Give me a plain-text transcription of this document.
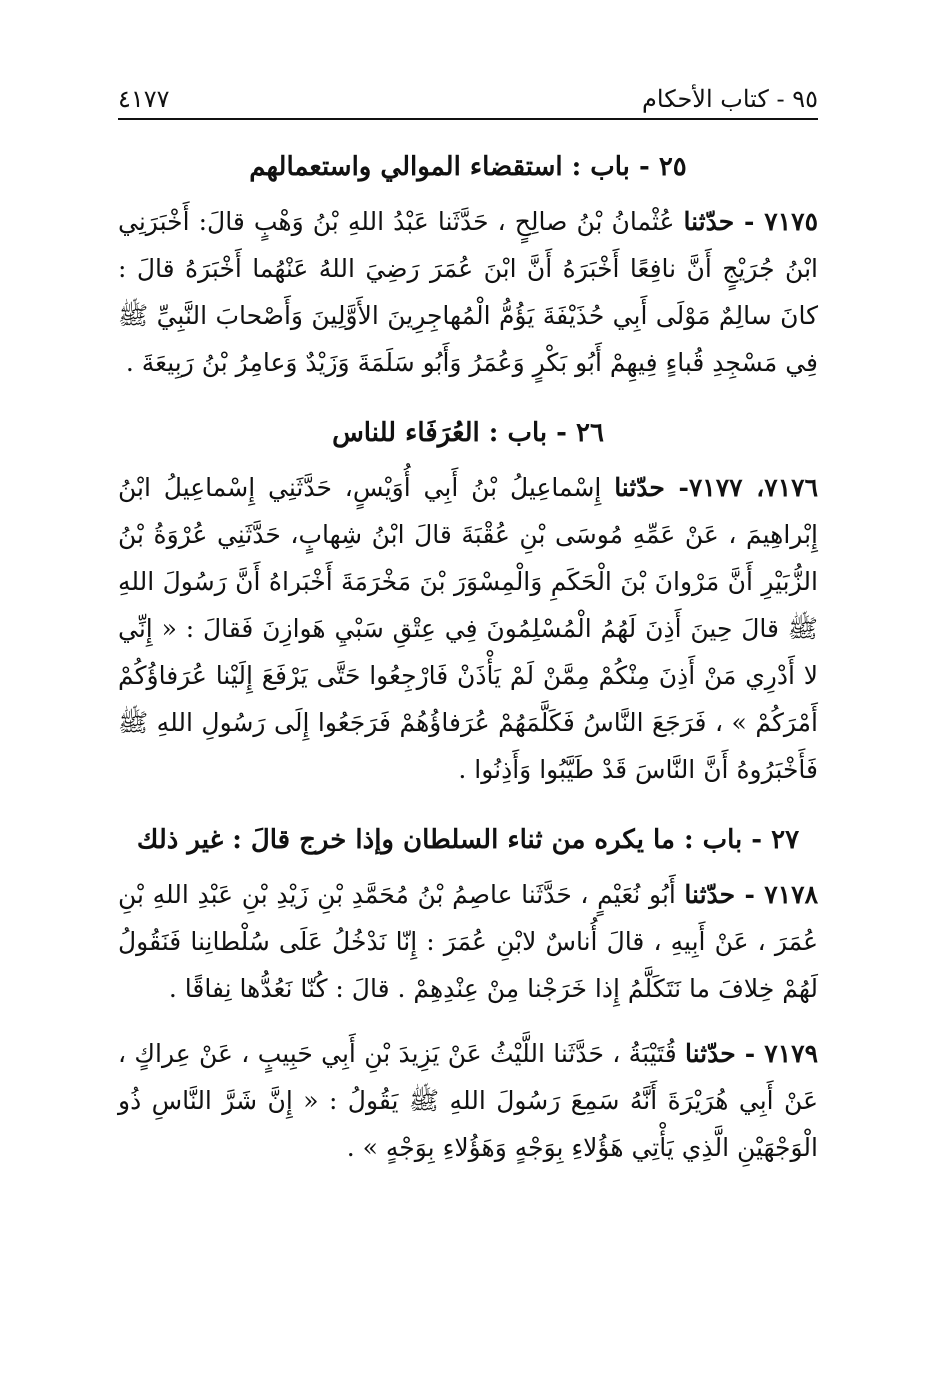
٩٥ - كتاب الأحكام
٤١٧٧
٢٥ - باب : استقضاء الموالي واستعمالهم

٧١٧٥ - حدّثنا عُثْمانُ بْنُ صالِحٍ ، حَدَّثَنا عَبْدُ اللهِ بْنُ وَهْبٍ قالَ: أَخْبَرَنِي ابْنُ جُرَيْجٍ أَنَّ نافِعًا أَخْبَرَهُ أَنَّ ابْنَ عُمَرَ رَضِيَ اللهُ عَنْهُما أَخْبَرَهُ قالَ : كانَ سالِمٌ مَوْلَى أَبِي حُذَيْفَةَ يَؤُمُّ الْمُهاجِرِينَ الأَوَّلِينَ وَأَصْحابَ النَّبِيِّ ﷺ فِي مَسْجِدِ قُباءٍ فِيهِمْ أَبُو بَكْرٍ وَعُمَرُ وَأَبُو سَلَمَةَ وَزَيْدٌ وَعامِرُ بْنُ رَبِيعَةَ .

٢٦ - باب : العُرَفَاء للناس

٧١٧٦، ٧١٧٧- حدّثنا إِسْماعِيلُ بْنُ أَبِي أُوَيْسٍ، حَدَّثَنِي إِسْماعِيلُ ابْنُ إِبْراهِيمَ ، عَنْ عَمِّهِ مُوسَى بْنِ عُقْبَةَ قالَ ابْنُ شِهابٍ، حَدَّثَنِي عُرْوَةُ بْنُ الزُّبَيْرِ أَنَّ مَرْوانَ بْنَ الْحَكَمِ وَالْمِسْوَرَ بْنَ مَخْرَمَةَ أَخْبَراهُ أَنَّ رَسُولَ اللهِ ﷺ قالَ حِينَ أَذِنَ لَهُمُ الْمُسْلِمُونَ فِي عِتْقِ سَبْيِ هَوازِنَ فَقالَ : « إِنِّي لا أَدْرِي مَنْ أَذِنَ مِنْكُمْ مِمَّنْ لَمْ يَأْذَنْ فَارْجِعُوا حَتَّى يَرْفَعَ إِلَيْنا عُرَفاؤُكُمْ أَمْرَكُمْ » ، فَرَجَعَ النَّاسُ فَكَلَّمَهُمْ عُرَفاؤُهُمْ فَرَجَعُوا إِلَى رَسُولِ اللهِ ﷺ فَأَخْبَرُوهُ أَنَّ النَّاسَ قَدْ طَيَّبُوا وَأَذِنُوا .

٢٧ - باب : ما يكره من ثناء السلطان وإذا خرج قالَ : غير ذلك

٧١٧٨ - حدّثنا أَبُو نُعَيْمٍ ، حَدَّثَنا عاصِمُ بْنُ مُحَمَّدِ بْنِ زَيْدِ بْنِ عَبْدِ اللهِ بْنِ عُمَرَ ، عَنْ أَبِيهِ ، قالَ أُناسٌ لابْنِ عُمَرَ : إِنّا نَدْخُلُ عَلَى سُلْطانِنا فَنَقُولُ لَهُمْ خِلافَ ما نَتَكَلَّمُ إِذا خَرَجْنا مِنْ عِنْدِهِمْ . قالَ : كُنّا نَعُدُّها نِفاقًا .

٧١٧٩ - حدّثنا قُتَيْبَةُ ، حَدَّثَنا اللَّيْثُ عَنْ يَزِيدَ بْنِ أَبِي حَبِيبٍ ، عَنْ عِراكٍ ، عَنْ أَبِي هُرَيْرَةَ أَنَّهُ سَمِعَ رَسُولَ اللهِ ﷺ يَقُولُ : « إِنَّ شَرَّ النَّاسِ ذُو الْوَجْهَيْنِ الَّذِي يَأْتِي هَؤُلاءِ بِوَجْهٍ وَهَؤُلاءِ بِوَجْهٍ » .
